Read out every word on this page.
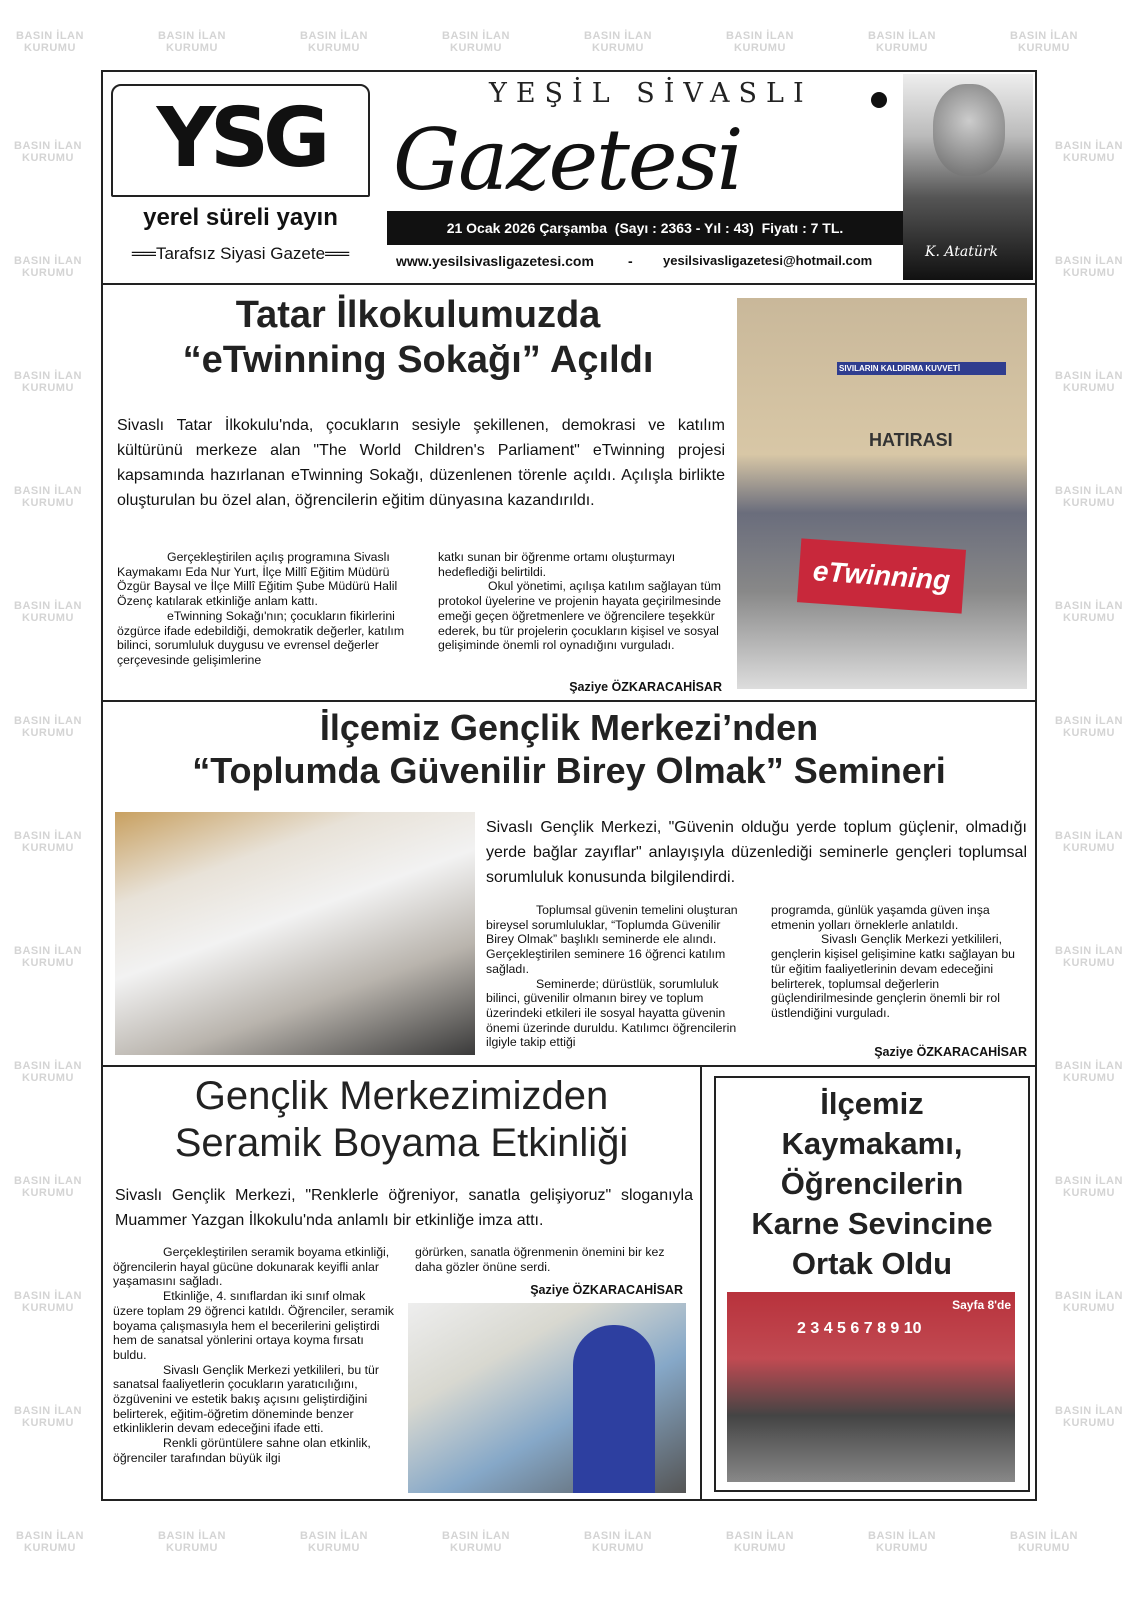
BASIN İLAN
KURUMU
BASIN İLAN
KURUMU
BASIN İLAN
KURUMU
BASIN İLAN
KURUMU
BASIN İLAN
KURUMU
BASIN İLAN
KURUMU
BASIN İLAN
KURUMU
BASIN İLAN
KURUMU
BASIN İLAN
KURUMU
BASIN İLAN
KURUMU
BASIN İLAN
KURUMU
BASIN İLAN
KURUMU
BASIN İLAN
KURUMU
BASIN İLAN
KURUMU
BASIN İLAN
KURUMU
BASIN İLAN
KURUMU
BASIN İLAN
KURUMU
BASIN İLAN
KURUMU
BASIN İLAN
KURUMU
BASIN İLAN
KURUMU
BASIN İLAN
KURUMU
BASIN İLAN
KURUMU
BASIN İLAN
KURUMU
BASIN İLAN
KURUMU
BASIN İLAN
KURUMU
BASIN İLAN
KURUMU
BASIN İLAN
KURUMU
BASIN İLAN
KURUMU
BASIN İLAN
KURUMU
BASIN İLAN
KURUMU
BASIN İLAN
KURUMU
BASIN İLAN
KURUMU
BASIN İLAN
KURUMU
BASIN İLAN
KURUMU
BASIN İLAN
KURUMU
BASIN İLAN
KURUMU
BASIN İLAN
KURUMU
BASIN İLAN
KURUMU
BASIN İLAN
KURUMU
BASIN İLAN
KURUMU
YSG
yerel süreli yayın
══Tarafsız Siyasi Gazete══
YEŞİL SİVASLI
Gazetesi
21 Ocak 2026 Çarşamba  (Sayı : 2363 - Yıl : 43)  Fiyatı : 7 TL.
www.yesilsivasligazetesi.com - yesilsivasligazetesi@hotmail.com
K. Atatürk
Tatar İlkokulumuzda
“eTwinning Sokağı” Açıldı
Sivaslı Tatar İlkokulu'nda, çocukların sesiyle şekillenen, demokrasi ve katılım kültürünü merkeze alan "The World Children's Parliament" eTwinning projesi kapsamında hazırlanan eTwinning Sokağı, düzenlenen törenle açıldı. Açılışla birlikte oluşturulan bu özel alan, öğrencilerin eğitim dünyasına kazandırıldı.

Gerçekleştirilen açılış programına Sivaslı Kaymakamı Eda Nur Yurt, İlçe Millî Eğitim Müdürü Özgür Baysal ve İlçe Millî Eğitim Şube Müdürü Halil Özenç katılarak etkinliğe anlam kattı.

eTwinning Sokağı'nın; çocukların fikirlerini özgürce ifade edebildiği, demokratik değerler, katılım bilinci, sorumluluk duygusu ve evrensel değerler çerçevesinde gelişimlerine

katkı sunan bir öğrenme ortamı oluşturmayı hedeflediği belirtildi.

Okul yönetimi, açılışa katılım sağlayan tüm protokol üyelerine ve projenin hayata geçirilmesinde emeği geçen öğretmenlere ve öğrencilere teşekkür ederek, bu tür projelerin çocukların kişisel ve sosyal gelişiminde önemli rol oynadığını vurguladı.

Şaziye ÖZKARACAHİSAR
SIVILARIN KALDIRMA KUVVETİ
HATIRASI
eTwinning
İlçemiz Gençlik Merkezi’nden
“Toplumda Güvenilir Birey Olmak” Semineri
Sivaslı Gençlik Merkezi, "Güvenin olduğu yerde toplum güçlenir, olmadığı yerde bağlar zayıflar" anlayışıyla düzenlediği seminerle gençleri toplumsal sorumluluk konusunda bilgilendirdi.

Toplumsal güvenin temelini oluşturan bireysel sorumluluklar, “Toplumda Güvenilir Birey Olmak” başlıklı seminerde ele alındı. Gerçekleştirilen seminere 16 öğrenci katılım sağladı.

Seminerde; dürüstlük, sorumluluk bilinci, güvenilir olmanın birey ve toplum üzerindeki etkileri ile sosyal hayatta güvenin önemi üzerinde duruldu. Katılımcı öğrencilerin ilgiyle takip ettiği

programda, günlük yaşamda güven inşa etmenin yolları örneklerle anlatıldı.

Sivaslı Gençlik Merkezi yetkilileri, gençlerin kişisel gelişimine katkı sağlayan bu tür eğitim faaliyetlerinin devam edeceğini belirterek, toplumsal değerlerin güçlendirilmesinde gençlerin önemli bir rol üstlendiğini vurguladı.

Şaziye ÖZKARACAHİSAR
Gençlik Merkezimizden
Seramik Boyama Etkinliği
Sivaslı Gençlik Merkezi, "Renklerle öğreniyor, sanatla gelişiyoruz" sloganıyla Muammer Yazgan İlkokulu'nda anlamlı bir etkinliğe imza attı.

Gerçekleştirilen seramik boyama etkinliği, öğrencilerin hayal gücüne dokunarak keyifli anlar yaşamasını sağladı.

Etkinliğe, 4. sınıflardan iki sınıf olmak üzere toplam 29 öğrenci katıldı. Öğrenciler, seramik boyama çalışmasıyla hem el becerilerini geliştirdi hem de sanatsal yönlerini ortaya koyma fırsatı buldu.

Sivaslı Gençlik Merkezi yetkilileri, bu tür sanatsal faaliyetlerin çocukların yaratıcılığını, özgüvenini ve estetik bakış açısını geliştirdiğini belirterek, eğitim-öğretim döneminde benzer etkinliklerin devam edeceğini ifade etti.

Renkli görüntülere sahne olan etkinlik, öğrenciler tarafından büyük ilgi

görürken, sanatla öğrenmenin önemini bir kez daha gözler önüne serdi.

Şaziye ÖZKARACAHİSAR
İlçemiz
Kaymakamı,
Öğrencilerin
Karne Sevincine
Ortak Oldu
2 3 4 5 6 7 8 9 10
Sayfa 8'de
